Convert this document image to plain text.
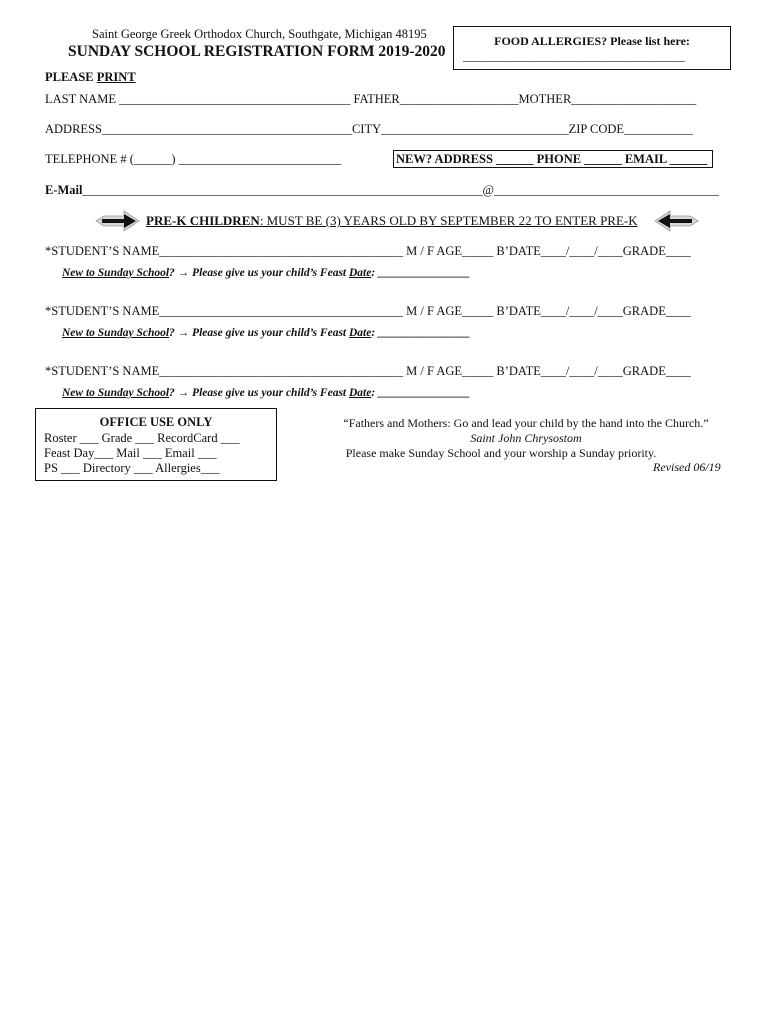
Saint George Greek Orthodox Church, Southgate, Michigan 48195
SUNDAY SCHOOL REGISTRATION FORM 2019-2020
FOOD ALLERGIES? Please list here:
_____________________________________
PLEASE PRINT
LAST NAME _____________________________________ FATHER___________________MOTHER____________________
ADDRESS________________________________________CITY______________________________ZIP CODE___________
TELEPHONE # (______) __________________________	NEW? ADDRESS ______ PHONE ______ EMAIL ______
E-Mail________________________________________________________________@____________________________________
PRE-K CHILDREN: MUST BE (3) YEARS OLD BY SEPTEMBER 22 TO ENTER PRE-K
*STUDENT’S NAME_______________________________________ M / F AGE_____ B’DATE____/____/____GRADE____
New to Sunday School? → Please give us your child’s Feast Date: ________________
*STUDENT’S NAME_______________________________________ M / F AGE_____ B’DATE____/____/____GRADE____
New to Sunday School? → Please give us your child’s Feast Date: ________________
*STUDENT’S NAME_______________________________________ M / F AGE_____ B’DATE____/____/____GRADE____
New to Sunday School? → Please give us your child’s Feast Date: ________________
OFFICE USE ONLY
Roster ___ Grade ___ RecordCard ___
Feast Day___ Mail ___ Email ___
PS ___ Directory ___ Allergies___
“Fathers and Mothers: Go and lead your child by the hand into the Church.”
Saint John Chrysostom
Please make Sunday School and your worship a Sunday priority.
Revised 06/19
